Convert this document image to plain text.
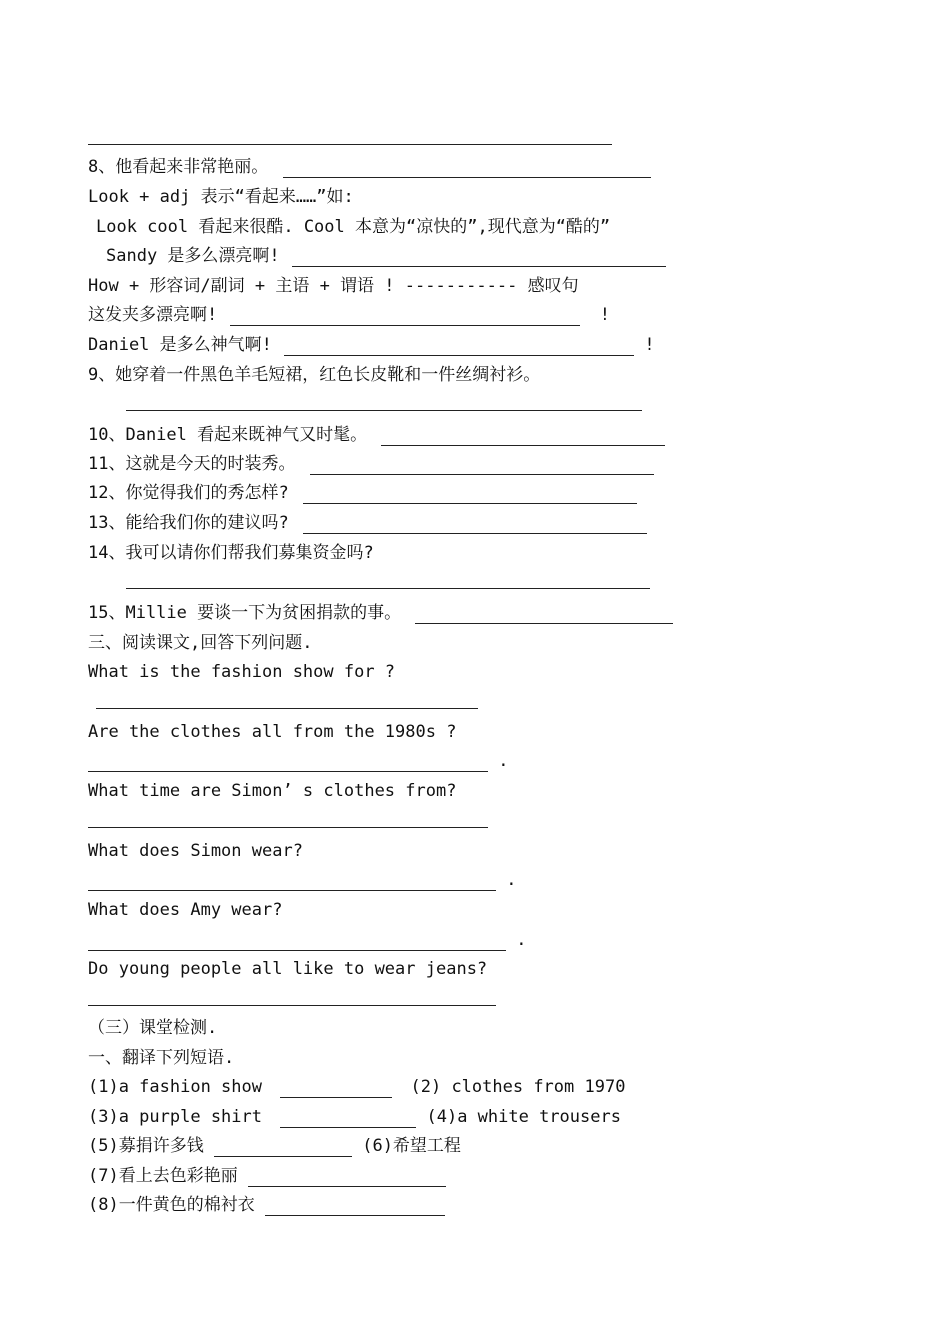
8、他看起来非常艳丽。
Look + adj 表示“看起来……”如:
Look cool 看起来很酷. Cool 本意为“凉快的”,现代意为“酷的”
Sandy 是多么漂亮啊!
How + 形容词/副词 + 主语 + 谓语 ! ----------- 感叹句
这发夹多漂亮啊!	!
Daniel 是多么神气啊!	!
9、她穿着一件黑色羊毛短裙，红色长皮靴和一件丝绸衬衫。
10、Daniel 看起来既神气又时髦。
11、这就是今天的时装秀。
12、你觉得我们的秀怎样?
13、能给我们你的建议吗?
14、我可以请你们帮我们募集资金吗?
15、Millie 要谈一下为贫困捐款的事。
三、阅读课文,回答下列问题.
What is the fashion show for ?
Are the clothes all from the 1980s ?
.
What time are Simon’ s clothes from?
What does Simon wear?
.
What does Amy wear?
.
Do young people all like to wear jeans?
（三）课堂检测.
一、翻译下列短语.
(1)a fashion show	(2) clothes from 1970
(3)a purple shirt	(4)a white trousers
(5)募捐许多钱	(6)希望工程
(7)看上去色彩艳丽
(8)一件黄色的棉衬衣
